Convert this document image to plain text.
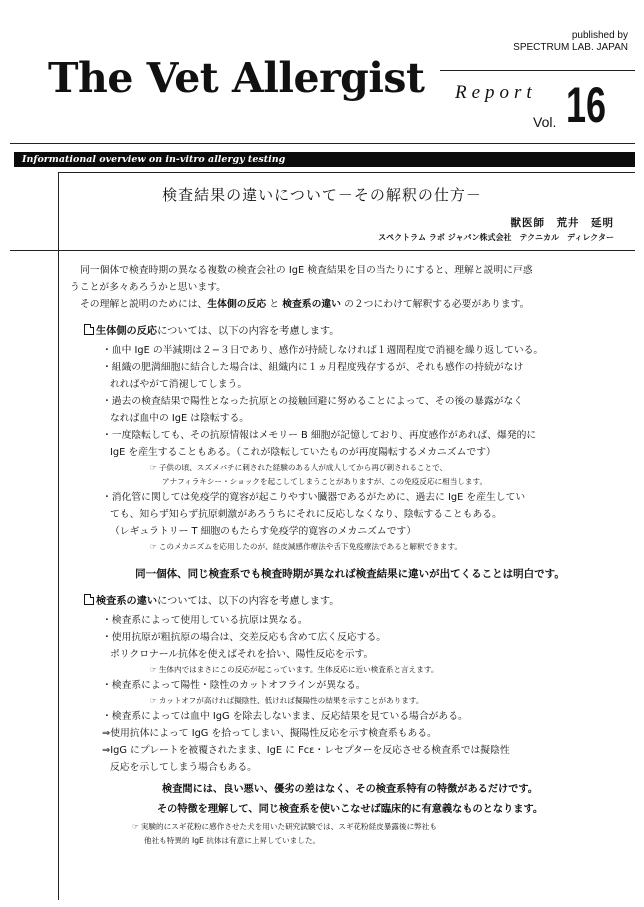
The Vet Allergist
published by
SPECTRUM LAB. JAPAN
Report
Vol. 16
Informational overview on in-vitro allergy testing
検査結果の違いについて－その解釈の仕方－
獣医師　荒井　延明
スペクトラム ラボ ジャパン株式会社　テクニカル　ディレクター

同一個体で検査時期の異なる複数の検査会社の IgE 検査結果を目の当たりにすると、理解と説明に戸惑

うことが多々あろうかと思います。

その理解と説明のためには、生体側の反応 と 検査系の違い の２つにわけて解釈する必要があります。

生体側の反応については、以下の内容を考慮します。

・血中 IgE の半減期は２−３日であり、感作が持続しなければ１週間程度で消褪を繰り返している。

・組織の肥満細胞に結合した場合は、組織内に１ヵ月程度残存するが、それも感作の持続がなけ

れればやがて消褪してしまう。

・過去の検査結果で陽性となった抗原との接触回避に努めることによって、その後の暴露がなく

なれば血中の IgE は陰転する。

・一度陰転しても、その抗原情報はメモリー B 細胞が記憶しており、再度感作があれば、爆発的に

IgE を産生することもある。（これが陰転していたものが再度陽転するメカニズムです）

☞ 子供の頃、スズメバチに刺された経験のある人が成人してから再び刺されることで、

アナフィラキシー・ショックを起こしてしまうことがありますが、この免疫反応に相当します。

・消化管に関しては免疫学的寛容が起こりやすい臓器であるがために、過去に IgE を産生してい

ても、知らず知らず抗原刺激があろうちにそれに反応しなくなり、陰転することもある。

（レギュラトリー T 細胞のもたらす免疫学的寛容のメカニズムです）

☞ このメカニズムを応用したのが、経皮減感作療法や舌下免疫療法であると解釈できます。

同一個体、同じ検査系でも検査時期が異なれば検査結果に違いが出てくることは明白です。
検査系の違いについては、以下の内容を考慮します。

・検査系によって使用している抗原は異なる。

・使用抗原が粗抗原の場合は、交差反応も含めて広く反応する。

ポリクロナール抗体を使えばそれを拾い、陽性反応を示す。

☞ 生体内ではまさにこの反応が起こっています。生体反応に近い検査系と言えます。

・検査系によって陽性・陰性のカットオフラインが異なる。

☞ カットオフが高ければ擬陰性、低ければ擬陽性の結果を示すことがあります。

・検査系によっては血中 IgG を除去しないまま、反応結果を見ている場合がある。

⇒使用抗体によって IgG を拾ってしまい、擬陽性反応を示す検査系もある。

⇒IgG にプレートを被覆されたまま、IgE に Fcε・レセプターを反応させる検査系では擬陰性

反応を示してしまう場合もある。

検査間には、良い悪い、優劣の差はなく、その検査系特有の特徴があるだけです。
その特徴を理解して、同じ検査系を使いこなせば臨床的に有意義なものとなります。

☞ 実験的にスギ花粉に感作させた犬を用いた研究試験では、スギ花粉経皮暴露後に弊社も

他社も特異的 IgE 抗体は有意に上昇していました。
